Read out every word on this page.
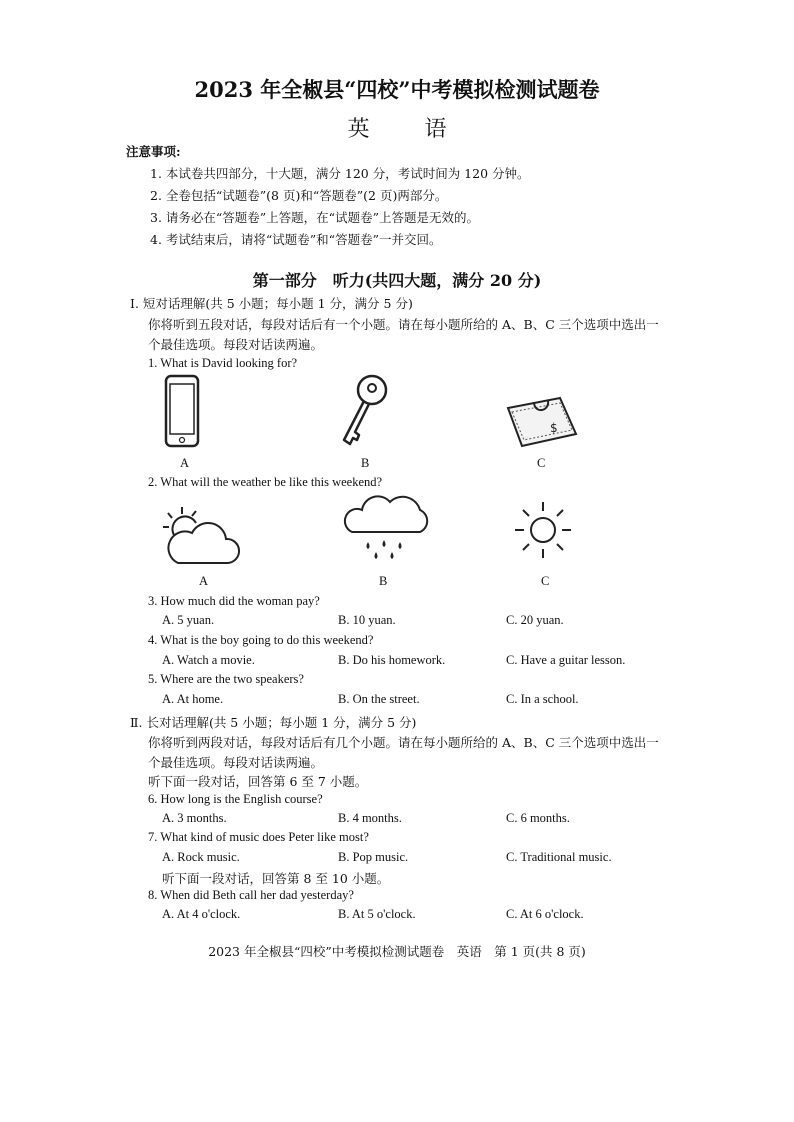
2023 年全椒县“四校”中考模拟检测试题卷
英 语
注意事项:
1. 本试卷共四部分，十大题，满分 120 分，考试时间为 120 分钟。
2. 全卷包括“试题卷”(8 页)和“答题卷”(2 页)两部分。
3. 请务必在“答题卷”上答题，在“试题卷”上答题是无效的。
4. 考试结束后，请将“试题卷”和“答题卷”一并交回。
第一部分　听力(共四大题，满分 20 分)
Ⅰ. 短对话理解(共 5 小题；每小题 1 分，满分 5 分)
你将听到五段对话，每段对话后有一个小题。请在每小题所给的 A、B、C 三个选项中选出一
个最佳选项。每段对话读两遍。
1. What is David looking for?
$
A	B	C
2. What will the weather be like this weekend?
A	B	C
3. How much did the woman pay?
A. 5 yuan.	B. 10 yuan.	C. 20 yuan.
4. What is the boy going to do this weekend?
A. Watch a movie.	B. Do his homework.	C. Have a guitar lesson.
5. Where are the two speakers?
A. At home.	B. On the street.	C. In a school.
Ⅱ. 长对话理解(共 5 小题；每小题 1 分，满分 5 分)
你将听到两段对话，每段对话后有几个小题。请在每小题所给的 A、B、C 三个选项中选出一
个最佳选项。每段对话读两遍。
听下面一段对话，回答第 6 至 7 小题。
6. How long is the English course?
A. 3 months.	B. 4 months.	C. 6 months.
7. What kind of music does Peter like most?
A. Rock music.	B. Pop music.	C. Traditional music.
听下面一段对话，回答第 8 至 10 小题。
8. When did Beth call her dad yesterday?
A. At 4 o'clock.	B. At 5 o'clock.	C. At 6 o'clock.
2023 年全椒县“四校”中考模拟检测试题卷　英语　第 1 页(共 8 页)
